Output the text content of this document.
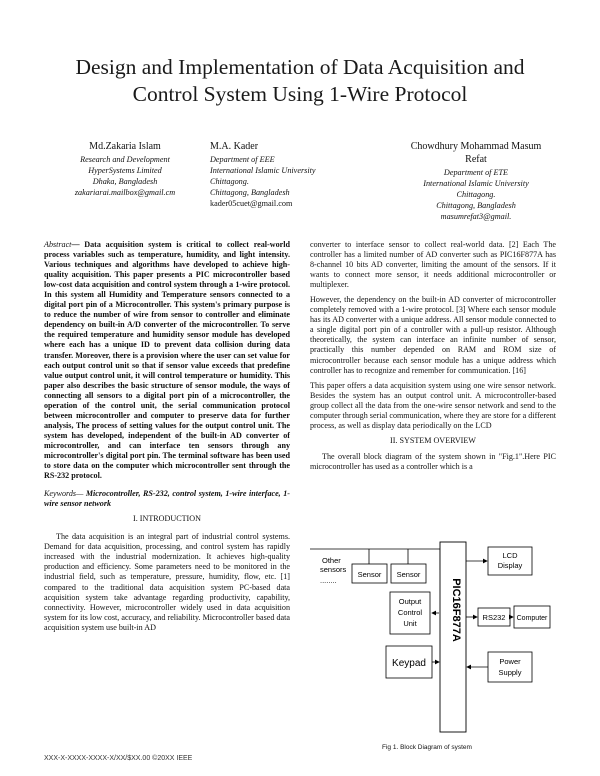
Design and Implementation of Data Acquisition and
Control System Using 1-Wire Protocol
Md.Zakaria Islam
Research and Development
HyperSystems Limited
Dhaka, Bangladesh
zakariarai.mailbox@gmail.cm
M.A. Kader
Department of EEE
International Islamic University
Chittagong.
Chittagong, Bangladesh
kader05cuet@gmail.com
Chowdhury Mohammad Masum
Refat
Department of ETE
International Islamic University
Chittagong.
Chittagong, Bangladesh
masumrefat3@gmail.

Abstract— Data acquisition system is critical to collect real-world process variables such as temperature, humidity, and light intensity. Various techniques and algorithms have developed to achieve high-quality acquisition. This paper presents a PIC microcontroller based low-cost data acquisition and control system through a 1-wire protocol. In this system all Humidity and Temperature sensors connected to a digital port pin of a Microcontroller. This system's primary purpose is to reduce the number of wire from sensor to controller and eliminate dependency on built-in A/D converter of the microcontroller. To serve the required temperature and humidity sensor module has developed where each has a unique ID to prevent data collision during data transfer. Moreover, there is a provision where the user can set value for each output control unit so that if sensor value exceeds that predefine value output control unit, it will control temperature or humidity. This paper also describes the basic structure of sensor module, the ways of connecting all sensors to a digital port pin of a microcontroller, the operation of the control unit, the serial communication protocol between microcontroller and computer to preserve data for further analysis, The process of setting values for the output control unit. The system has developed, independent of the built-in AD converter of microcontroller, and can interface ten sensors through any microcontroller's digital port pin. The terminal software has been used to store data on the computer which microcontroller sent through the RS-232 protocol.

Keywords— Microcontroller, RS-232, control system, 1-wire interface, 1-wire sensor network

I. INTRODUCTION

The data acquisition is an integral part of industrial control systems. Demand for data acquisition, processing, and control system has rapidly increased with the industrial modernization. It achieves high-quality production and efficiency. Some parameters need to be monitored in the industrial field, such as temperature, pressure, humidity, flow, etc. [1] compared to the traditional data acquisition system PC-based data acquisition system take advantage regarding productivity, capability, connectivity. However, microcontroller widely used in data acquisition system for its low cost, accuracy, and reliability. Microcontroller based data acquisition system use built-in AD

converter to interface sensor to collect real-world data. [2] Each The controller has a limited number of AD converter such as PIC16F877A has 8-channel 10 bits AD converter, limiting the amount of the sensors. If it wants to connect more sensor, it needs additional microcontroller or multiplexer.

However, the dependency on the built-in AD converter of microcontroller completely removed with a 1-wire protocol. [3] Where each sensor module has its AD converter with a unique address. All sensor module connected to a single digital port pin of a controller with a pull-up resistor. Although theoretically, the system can interface an infinite number of sensor, practically this number depended on RAM and ROM size of microcontroller because each sensor module has a unique address which controller has to recognize and remember for communication. [16]

This paper offers a data acquisition system using one wire sensor network. Besides the system has an output control unit. A microcontroller-based group collect all the data from the one-wire sensor network and send to the computer through serial communication, where they are store for a different process, as well as display data periodically on the LCD

II. SYSTEM OVERVIEW

The overall block diagram of the system shown in "Fig.1".Here PIC microcontroller has used as a controller which is a

Other
sensors
........
Sensor Sensor
PIC16F877A
LCD
Display
Output
Control
Unit
RS232 Computer
Keypad	Power
Supply
Fig 1. Block Diagram of system
XXX-X-XXXX-XXXX-X/XX/$XX.00 ©20XX IEEE
